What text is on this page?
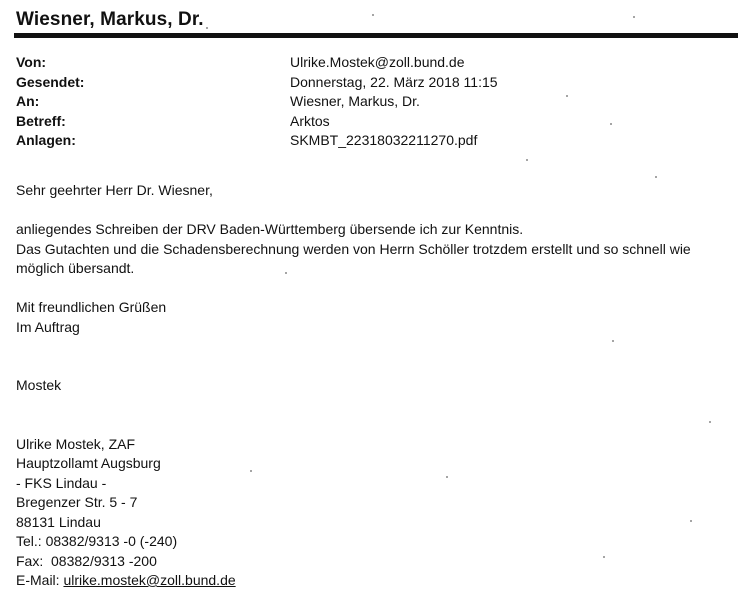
Wiesner, Markus, Dr.
Von:	Ulrike.Mostek@zoll.bund.de
Gesendet:	Donnerstag, 22. März 2018 11:15
An:	Wiesner, Markus, Dr.
Betreff:	Arktos
Anlagen:	SKMBT_22318032211270.pdf
Sehr geehrter Herr Dr. Wiesner,
anliegendes Schreiben der DRV Baden-Württemberg übersende ich zur Kenntnis.
Das Gutachten und die Schadensberechnung werden von Herrn Schöller trotzdem erstellt und so schnell wie
möglich übersandt.
Mit freundlichen Grüßen
Im Auftrag
Mostek
Ulrike Mostek, ZAF
Hauptzollamt Augsburg
- FKS Lindau -
Bregenzer Str. 5 - 7
88131 Lindau
Tel.: 08382/9313 -0 (-240)
Fax:  08382/9313 -200
E-Mail: ulrike.mostek@zoll.bund.de
